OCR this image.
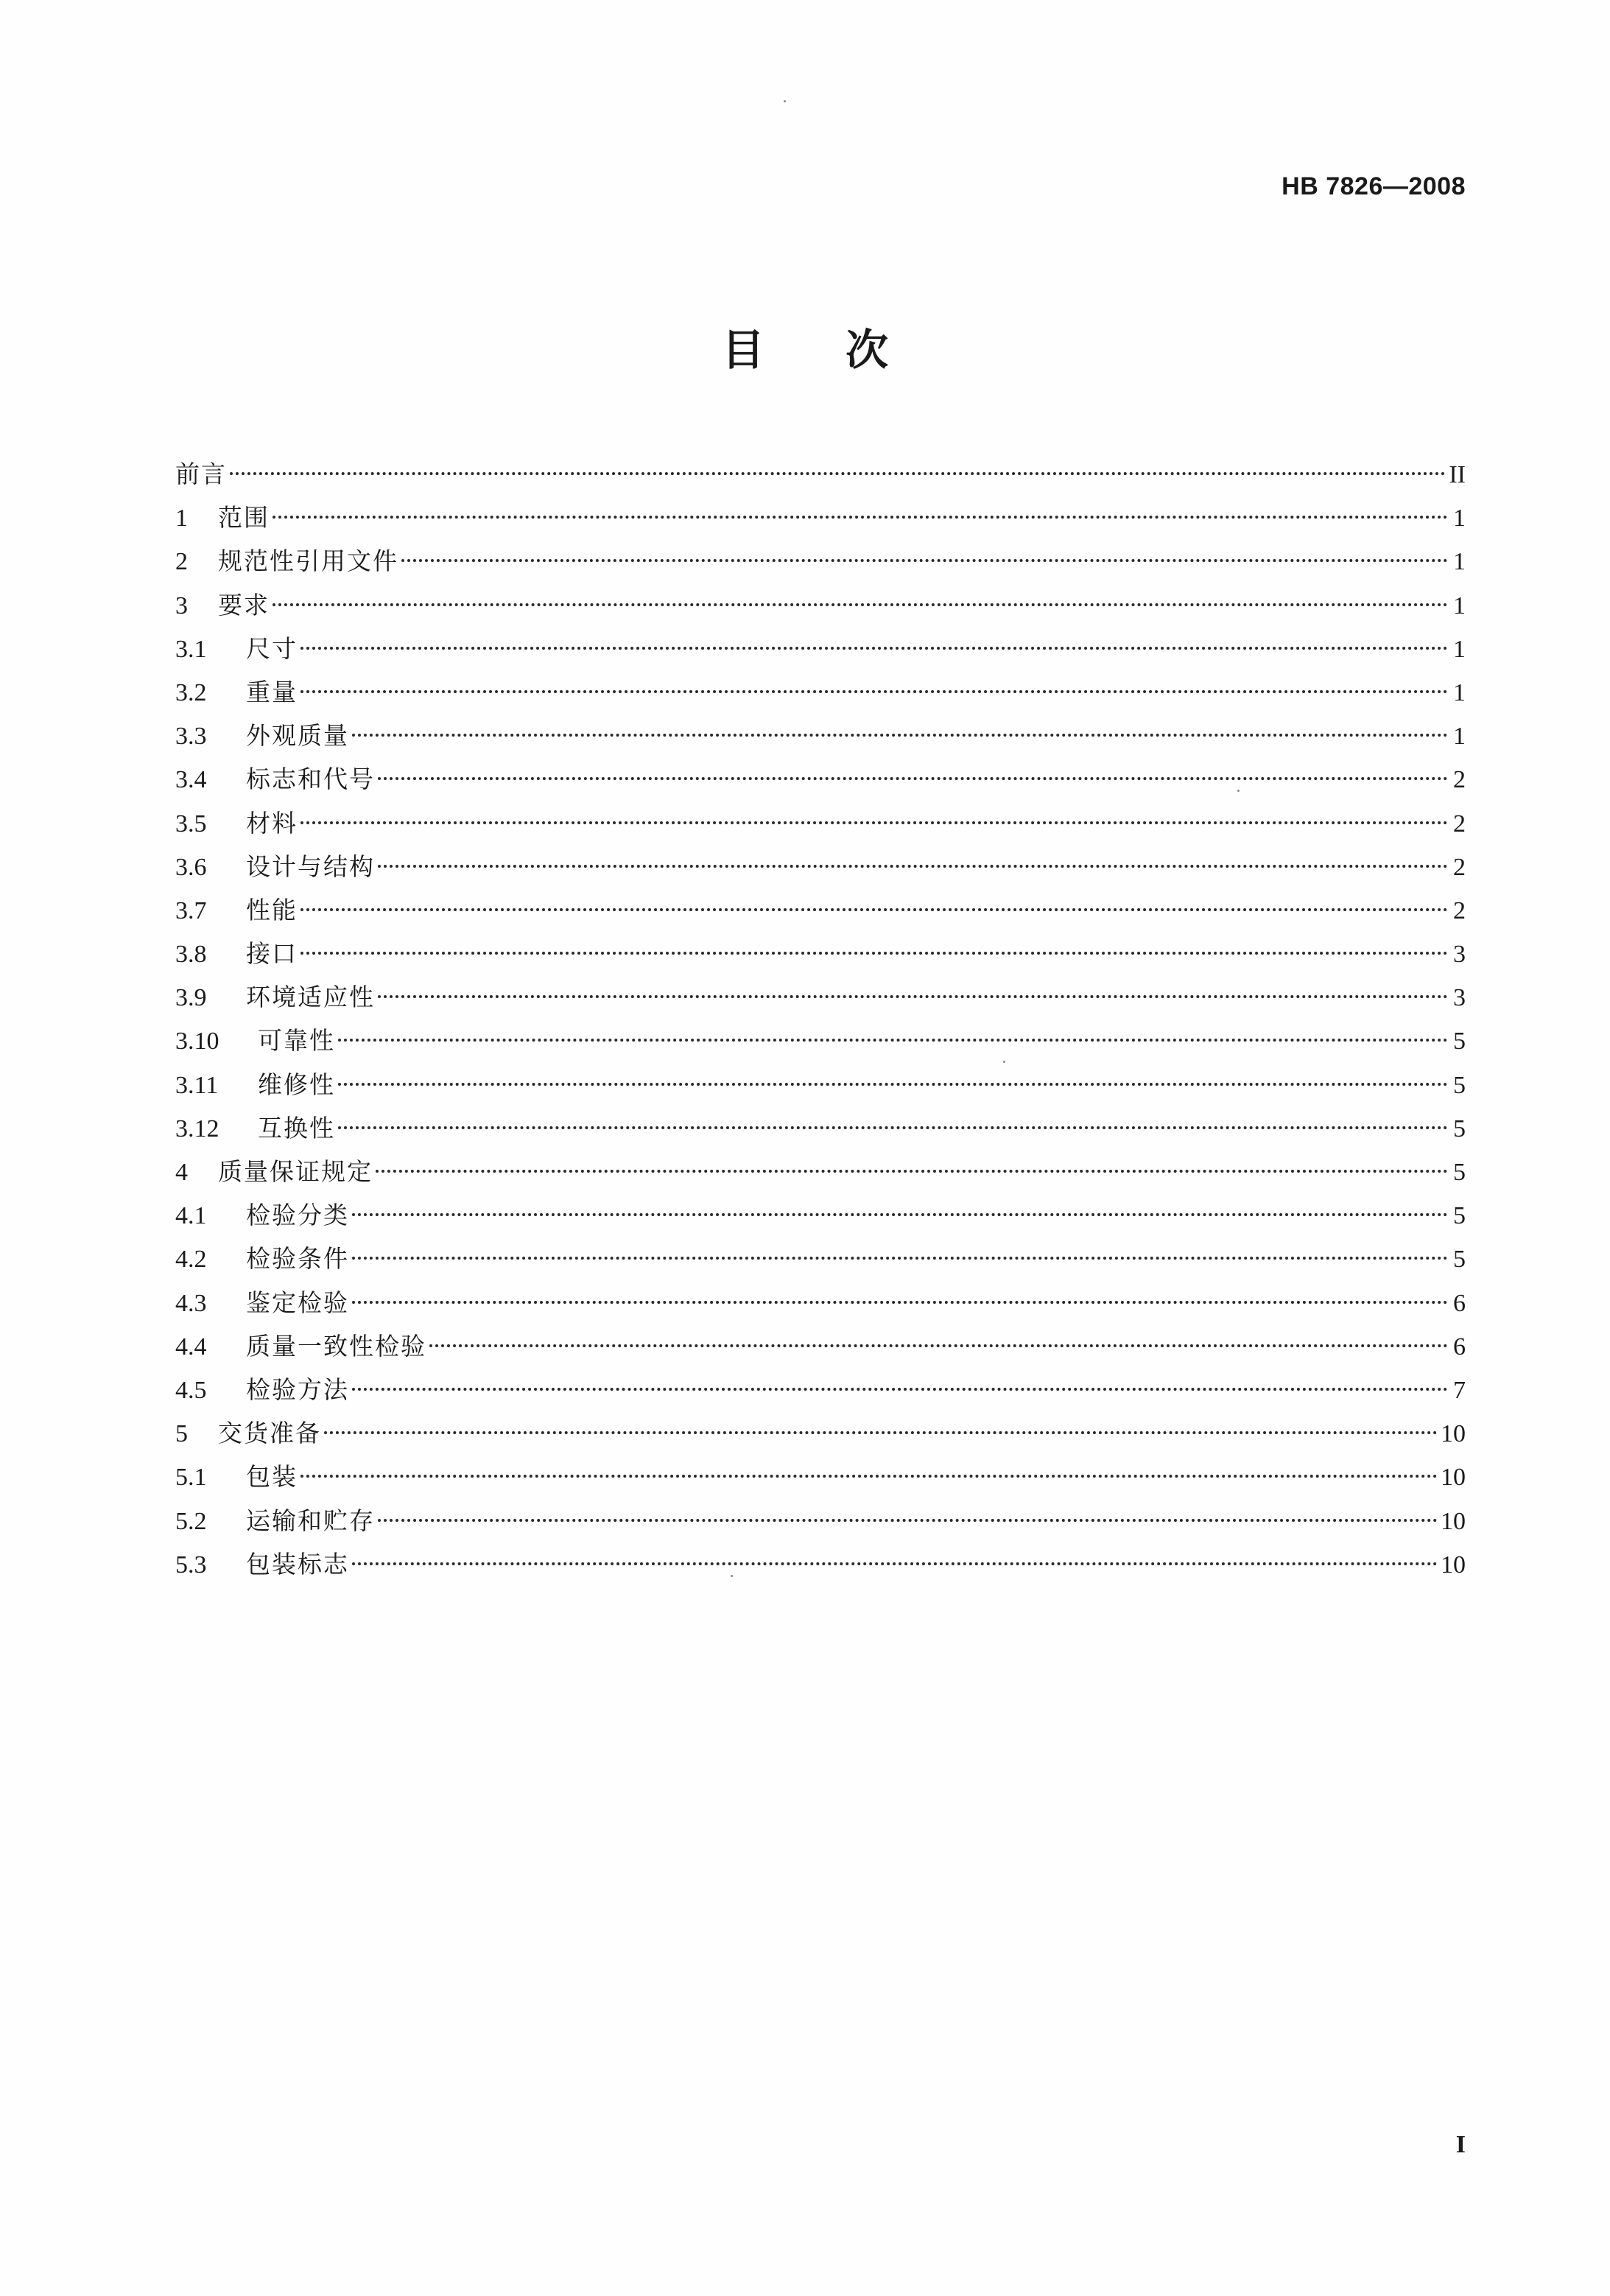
HB 7826—2008
目次
前言	II
1	范围	1
2	规范性引用文件	1
3	要求	1
3.1	尺寸	1
3.2	重量	1
3.3	外观质量	1
3.4	标志和代号	2
3.5	材料	2
3.6	设计与结构	2
3.7	性能	2
3.8	接口	3
3.9	环境适应性	3
3.10	可靠性	5
3.11	维修性	5
3.12	互换性	5
4	质量保证规定	5
4.1	检验分类	5
4.2	检验条件	5
4.3	鉴定检验	6
4.4	质量一致性检验	6
4.5	检验方法	7
5	交货准备	10
5.1	包装	10
5.2	运输和贮存	10
5.3	包装标志	10
I
